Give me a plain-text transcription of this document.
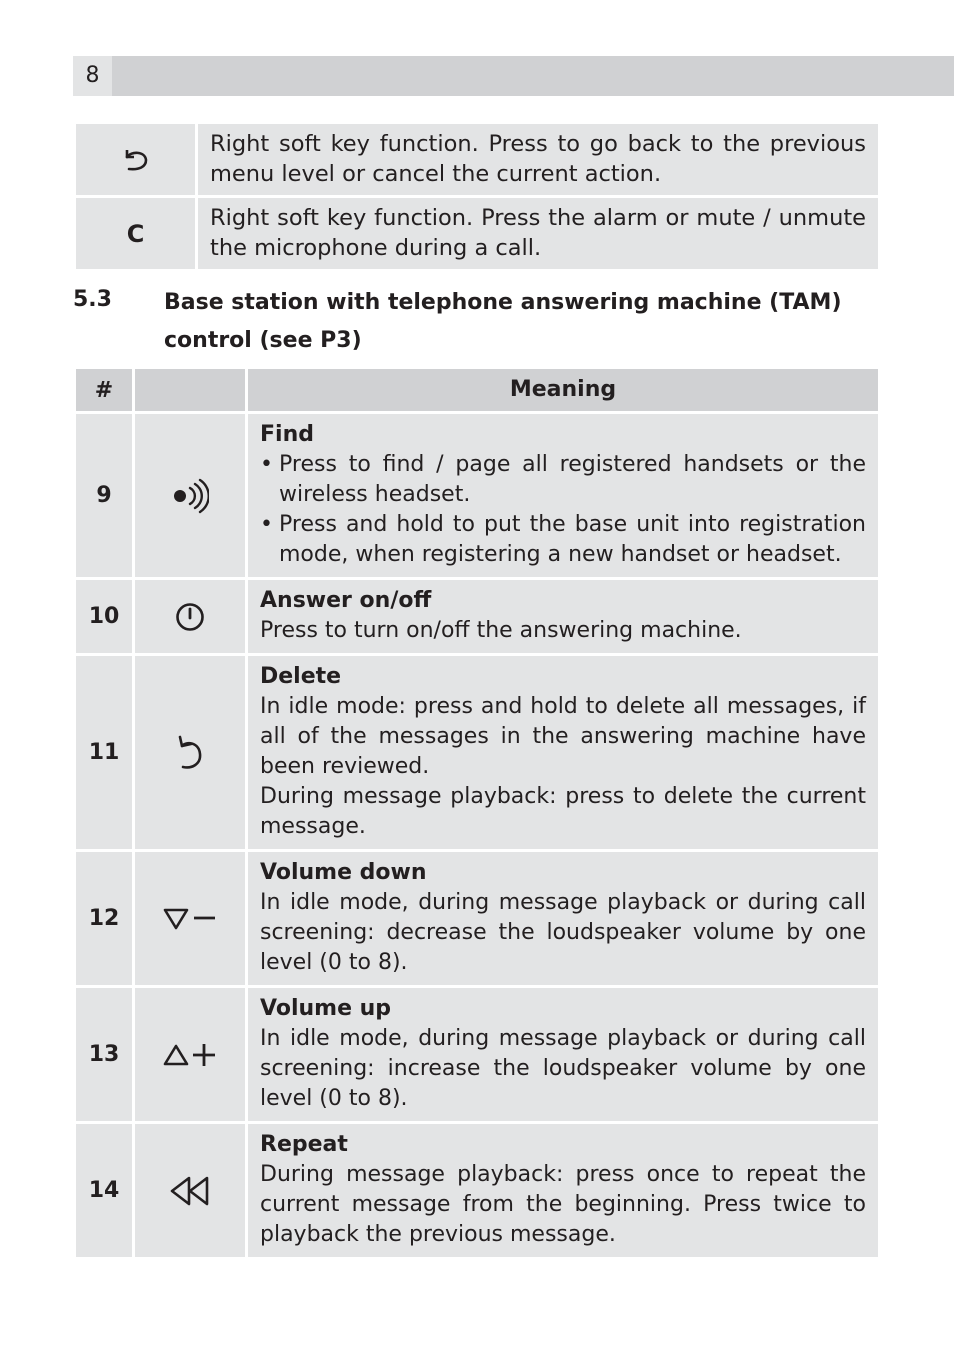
8
Right soft key function. Press to go back to the previous menu level or cancel the current action.
C
Right soft key function. Press the alarm or mute / unmute the microphone during a call.
5.3 Base station with telephone answering machine (TAM) control (see P3)
#	Meaning
9
Find
• Press to find / page all registered handsets or the wireless headset.
• Press and hold to put the base unit into registration mode, when registering a new handset or headset.
10
Answer on/off
Press to turn on/off the answering machine.
11
Delete
In idle mode: press and hold to delete all messages, if all of the messages in the answering machine have been reviewed.
During message playback: press to delete the current message.
12
Volume down
In idle mode, during message playback or during call screening: decrease the loudspeaker volume by one level (0 to 8).
13
Volume up
In idle mode, during message playback or during call screening: increase the loudspeaker volume by one level (0 to 8).
14
Repeat
During message playback: press once to repeat the current message from the beginning. Press twice to playback the previous message.
